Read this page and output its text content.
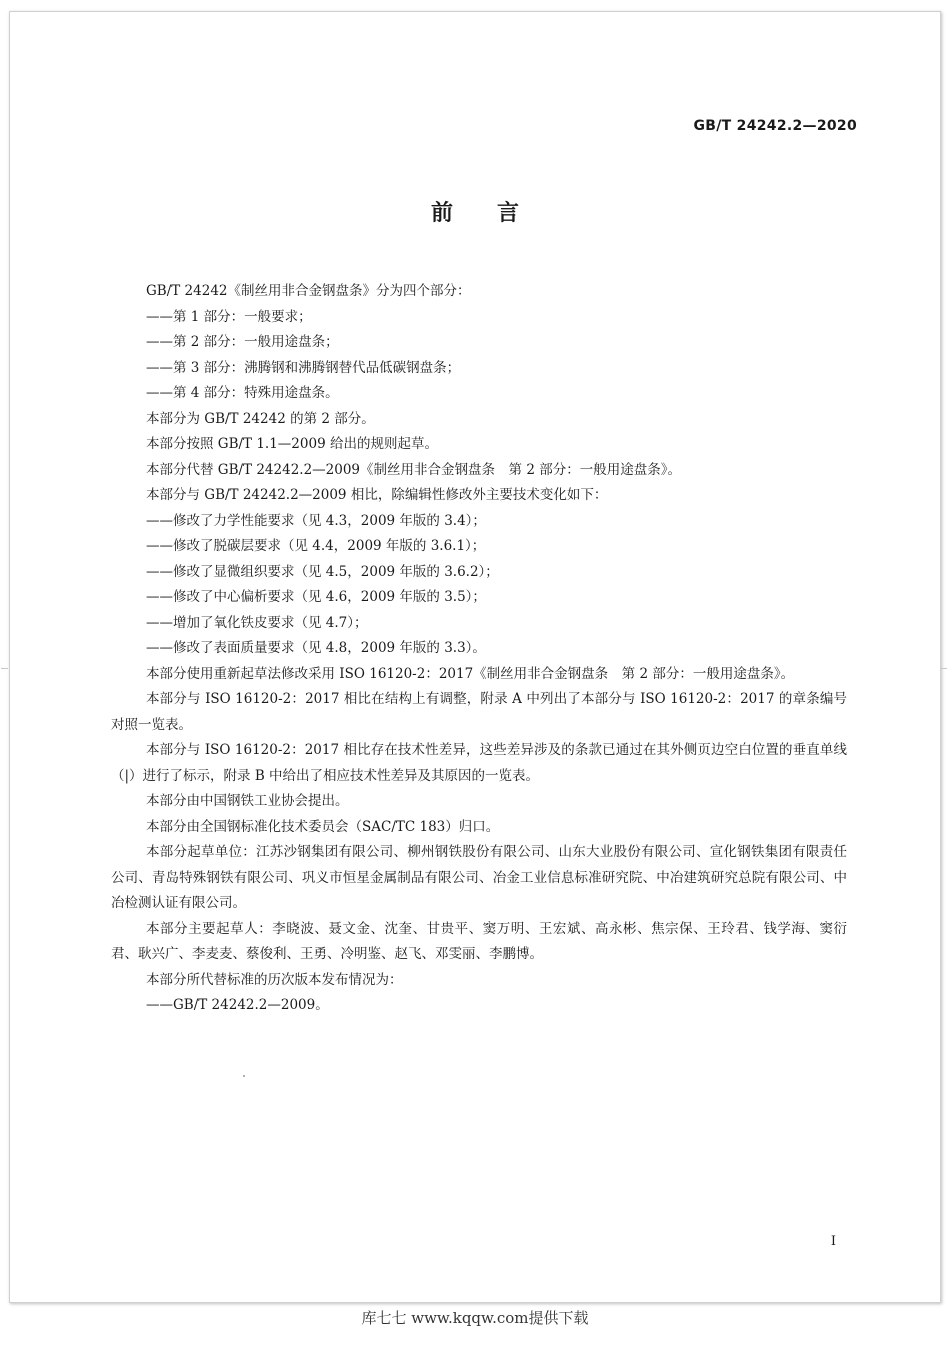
GB/T 24242.2—2020
前言

GB/T 24242《制丝用非合金钢盘条》分为四个部分：

——第 1 部分：一般要求；

——第 2 部分：一般用途盘条；

——第 3 部分：沸腾钢和沸腾钢替代品低碳钢盘条；

——第 4 部分：特殊用途盘条。

本部分为 GB/T 24242 的第 2 部分。

本部分按照 GB/T 1.1—2009 给出的规则起草。

本部分代替 GB/T 24242.2—2009《制丝用非合金钢盘条　第 2 部分：一般用途盘条》。

本部分与 GB/T 24242.2—2009 相比，除编辑性修改外主要技术变化如下：

——修改了力学性能要求（见 4.3，2009 年版的 3.4）；

——修改了脱碳层要求（见 4.4，2009 年版的 3.6.1）；

——修改了显微组织要求（见 4.5，2009 年版的 3.6.2）；

——修改了中心偏析要求（见 4.6，2009 年版的 3.5）；

——增加了氧化铁皮要求（见 4.7）；

——修改了表面质量要求（见 4.8，2009 年版的 3.3）。

本部分使用重新起草法修改采用 ISO 16120-2：2017《制丝用非合金钢盘条　第 2 部分：一般用途盘条》。

本部分与 ISO 16120-2：2017 相比在结构上有调整，附录 A 中列出了本部分与 ISO 16120-2：2017 的章条编号对照一览表。

本部分与 ISO 16120-2：2017 相比存在技术性差异，这些差异涉及的条款已通过在其外侧页边空白位置的垂直单线（|）进行了标示，附录 B 中给出了相应技术性差异及其原因的一览表。

本部分由中国钢铁工业协会提出。

本部分由全国钢标准化技术委员会（SAC/TC 183）归口。

本部分起草单位：江苏沙钢集团有限公司、柳州钢铁股份有限公司、山东大业股份有限公司、宣化钢铁集团有限责任公司、青岛特殊钢铁有限公司、巩义市恒星金属制品有限公司、冶金工业信息标准研究院、中冶建筑研究总院有限公司、中冶检测认证有限公司。

本部分主要起草人：李晓波、聂文金、沈奎、甘贵平、窦万明、王宏斌、高永彬、焦宗保、王玲君、钱学海、窦衍君、耿兴广、李麦麦、蔡俊利、王勇、冷明鉴、赵飞、邓雯丽、李鹏博。

本部分所代替标准的历次版本发布情况为：

——GB/T 24242.2—2009。

I
库七七 www.kqqw.com提供下载
